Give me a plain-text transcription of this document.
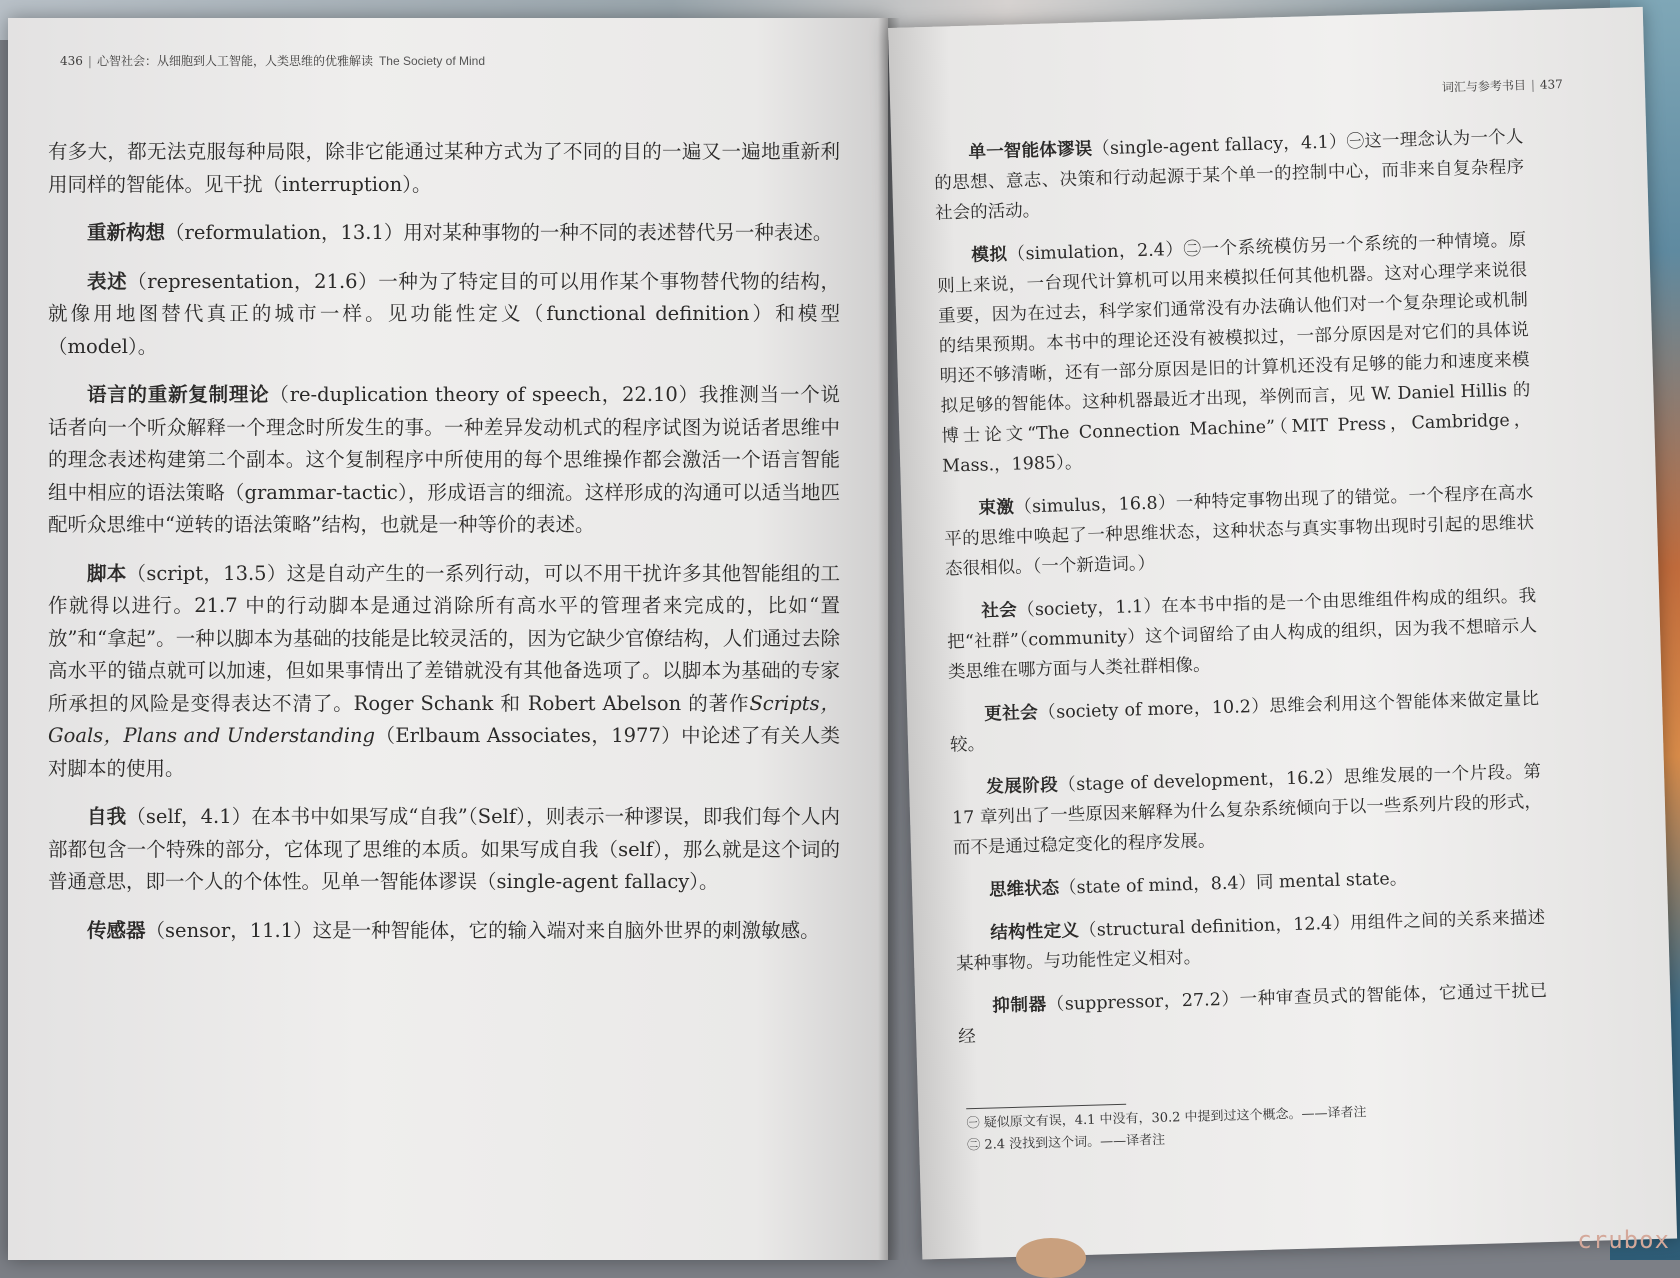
436 | 心智社会：从细胞到人工智能，人类思维的优雅解读 The Society of Mind

有多大，都无法克服每种局限，除非它能通过某种方式为了不同的目的一遍又一遍地重新利用同样的智能体。见干扰（interruption）。

重新构想（reformulation，13.1）用对某种事物的一种不同的表述替代另一种表述。

表述（representation，21.6）一种为了特定目的可以用作某个事物替代物的结构，就像用地图替代真正的城市一样。见功能性定义（functional definition）和模型（model）。

语言的重新复制理论（re-duplication theory of speech，22.10）我推测当一个说话者向一个听众解释一个理念时所发生的事。一种差异发动机式的程序试图为说话者思维中的理念表述构建第二个副本。这个复制程序中所使用的每个思维操作都会激活一个语言智能组中相应的语法策略（grammar-tactic），形成语言的细流。这样形成的沟通可以适当地匹配听众思维中“逆转的语法策略”结构，也就是一种等价的表述。

脚本（script，13.5）这是自动产生的一系列行动，可以不用干扰许多其他智能组的工作就得以进行。21.7 中的行动脚本是通过消除所有高水平的管理者来完成的，比如“置放”和“拿起”。一种以脚本为基础的技能是比较灵活的，因为它缺少官僚结构，人们通过去除高水平的锚点就可以加速，但如果事情出了差错就没有其他备选项了。以脚本为基础的专家所承担的风险是变得表达不清了。Roger Schank 和 Robert Abelson 的著作Scripts，Goals，Plans and Understanding（Erlbaum Associates，1977）中论述了有关人类对脚本的使用。

自我（self，4.1）在本书中如果写成“自我”（Self），则表示一种谬误，即我们每个人内部都包含一个特殊的部分，它体现了思维的本质。如果写成自我（self），那么就是这个词的普通意思，即一个人的个体性。见单一智能体谬误（single-agent fallacy）。

传感器（sensor，11.1）这是一种智能体，它的输入端对来自脑外世界的刺激敏感。

词汇与参考书目 | 437

单一智能体谬误（single-agent fallacy，4.1）㊀这一理念认为一个人的思想、意志、决策和行动起源于某个单一的控制中心，而非来自复杂程序社会的活动。

模拟（simulation，2.4）㊁一个系统模仿另一个系统的一种情境。原则上来说，一台现代计算机可以用来模拟任何其他机器。这对心理学来说很重要，因为在过去，科学家们通常没有办法确认他们对一个复杂理论或机制的结果预期。本书中的理论还没有被模拟过，一部分原因是对它们的具体说明还不够清晰，还有一部分原因是旧的计算机还没有足够的能力和速度来模拟足够的智能体。这种机器最近才出现，举例而言，见 W. Daniel Hillis 的博士论文“The Connection Machine”（MIT Press，Cambridge，Mass.，1985）。

束激（simulus，16.8）一种特定事物出现了的错觉。一个程序在高水平的思维中唤起了一种思维状态，这种状态与真实事物出现时引起的思维状态很相似。（一个新造词。）

社会（society，1.1）在本书中指的是一个由思维组件构成的组织。我把“社群”（community）这个词留给了由人构成的组织，因为我不想暗示人类思维在哪方面与人类社群相像。

更社会（society of more，10.2）思维会利用这个智能体来做定量比较。

发展阶段（stage of development，16.2）思维发展的一个片段。第 17 章列出了一些原因来解释为什么复杂系统倾向于以一些系列片段的形式，而不是通过稳定变化的程序发展。

思维状态（state of mind，8.4）同 mental state。

结构性定义（structural definition，12.4）用组件之间的关系来描述某种事物。与功能性定义相对。

抑制器（suppressor，27.2）一种审查员式的智能体，它通过干扰已经

㊀ 疑似原文有误，4.1 中没有，30.2 中提到过这个概念。——译者注
㊁ 2.4 没找到这个词。——译者注
crubox
